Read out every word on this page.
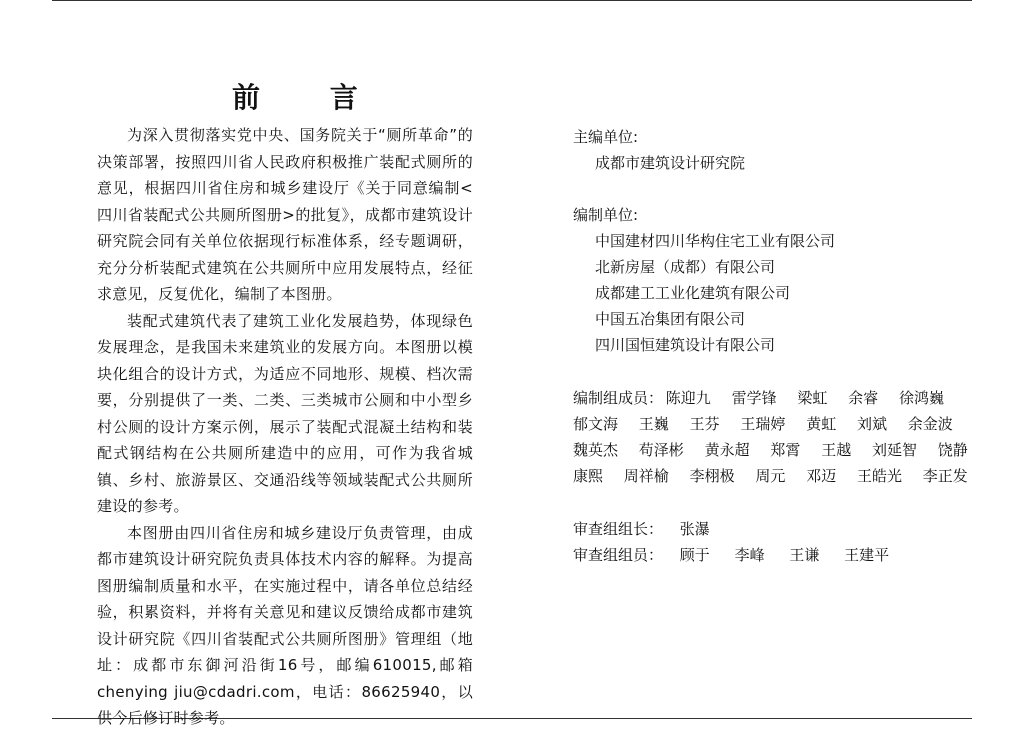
前 言

为深入贯彻落实党中央、国务院关于“厕所革命”的决策部署，按照四川省人民政府积极推广装配式厕所的意见，根据四川省住房和城乡建设厅《关于同意编制<四川省装配式公共厕所图册>的批复》，成都市建筑设计研究院会同有关单位依据现行标准体系，经专题调研，充分分析装配式建筑在公共厕所中应用发展特点，经征求意见，反复优化，编制了本图册。

装配式建筑代表了建筑工业化发展趋势，体现绿色发展理念，是我国未来建筑业的发展方向。本图册以模块化组合的设计方式，为适应不同地形、规模、档次需要，分别提供了一类、二类、三类城市公厕和中小型乡村公厕的设计方案示例，展示了装配式混凝土结构和装配式钢结构在公共厕所建造中的应用，可作为我省城镇、乡村、旅游景区、交通沿线等领域装配式公共厕所建设的参考。

本图册由四川省住房和城乡建设厅负责管理，由成都市建筑设计研究院负责具体技术内容的解释。为提高图册编制质量和水平，在实施过程中，请各单位总结经验，积累资料，并将有关意见和建议反馈给成都市建筑设计研究院《四川省装配式公共厕所图册》管理组（地址：成都市东御河沿街16号，邮编610015,邮箱chenying jiu@cdadri.com，电话：86625940，以供今后修订时参考。

主编单位:

成都市建筑设计研究院

编制单位:

中国建材四川华构住宅工业有限公司

北新房屋（成都）有限公司

成都建工工业化建筑有限公司

中国五冶集团有限公司

四川国恒建筑设计有限公司

编制组成员： 陈迎九 雷学锋 梁虹 余睿 徐鸿巍
郁文海 王巍 王芬 王瑞婷 黄虹 刘斌 余金波
魏英杰 苟泽彬 黄永超 郑霄 王越 刘延智 饶静
康熙 周祥榆 李栩极 周元 邓迈 王皓光 李正发
审查组组长： 张瀑
审查组组员： 顾于 李峰 王谦 王建平
